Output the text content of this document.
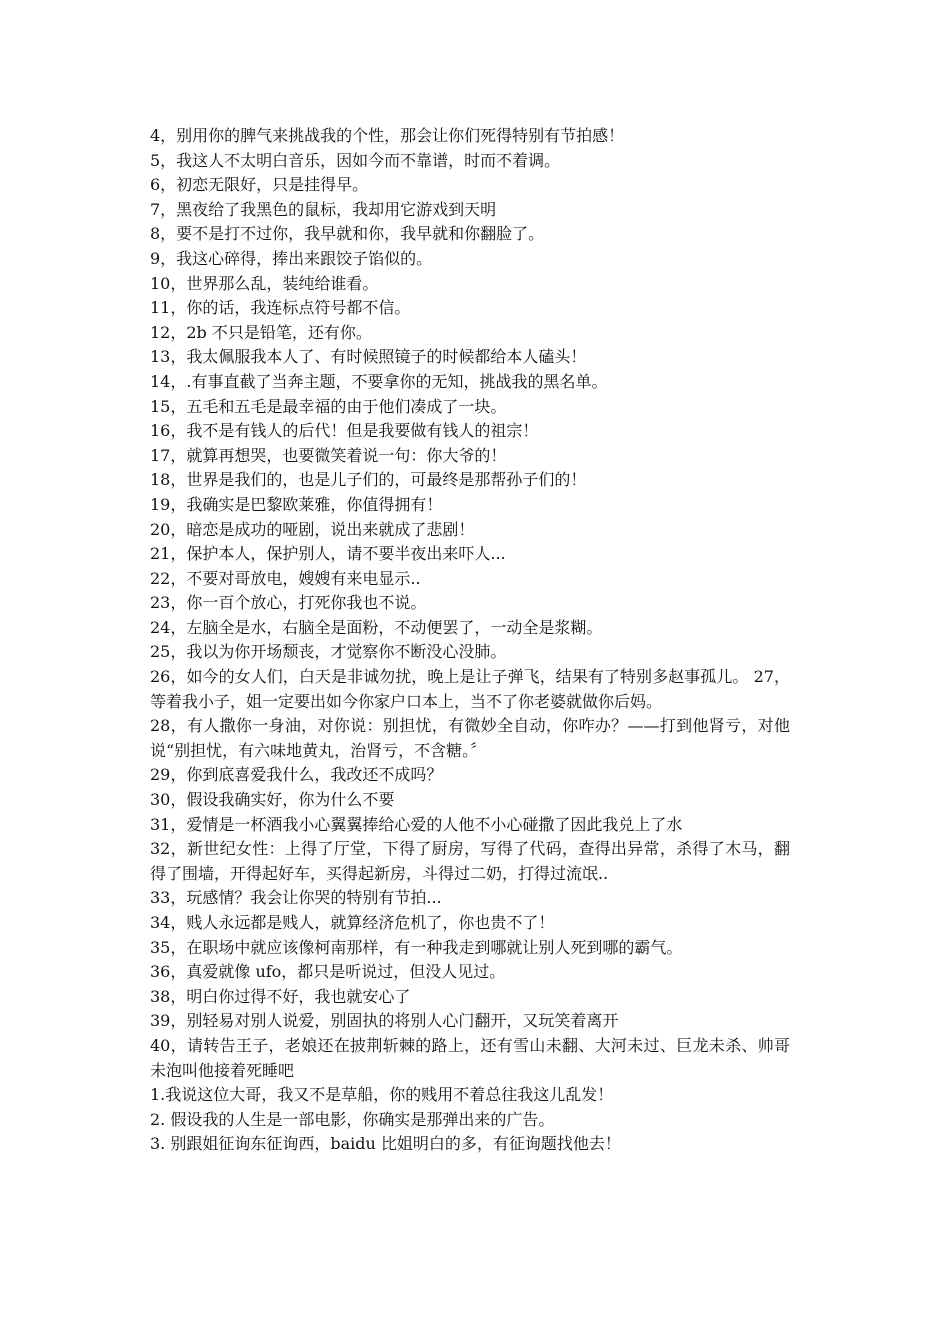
4，别用你的脾气来挑战我的个性，那会让你们死得特别有节拍感！

5，我这人不太明白音乐，因如今而不靠谱，时而不着调。

6，初恋无限好，只是挂得早。

7，黑夜给了我黑色的鼠标，我却用它游戏到天明

8，要不是打不过你，我早就和你，我早就和你翻脸了。

9，我这心碎得，捧出来跟饺子馅似的。

10，世界那么乱，装纯给谁看。

11，你的话，我连标点符号都不信。

12，2b 不只是铅笔，还有你。

13，我太佩服我本人了、有时候照镜子的时候都给本人磕头！

14，.有事直截了当奔主题，不要拿你的无知，挑战我的黑名单。

15，五毛和五毛是最幸福的由于他们凑成了一块。

16，我不是有钱人的后代！但是我要做有钱人的祖宗！

17，就算再想哭，也要微笑着说一句：你大爷的！

18，世界是我们的，也是儿子们的，可最终是那帮孙子们的！

19，我确实是巴黎欧莱雅，你值得拥有！

20，暗恋是成功的哑剧，说出来就成了悲剧！

21，保护本人，保护别人，请不要半夜出来吓人...

22，不要对哥放电，嫂嫂有来电显示..

23，你一百个放心，打死你我也不说。

24，左脑全是水，右脑全是面粉，不动便罢了，一动全是浆糊。

25，我以为你开场颓丧，才觉察你不断没心没肺。

26，如今的女人们，白天是非诚勿扰，晚上是让子弹飞，结果有了特别多赵事孤儿。 27，等着我小子，姐一定要出如今你家户口本上，当不了你老婆就做你后妈。

28，有人撒你一身油，对你说：别担忧，有微妙全自动，你咋办？——打到他肾亏，对他说“别担忧，有六味地黄丸，治肾亏，不含糖。〞

29，你到底喜爱我什么，我改还不成吗？

30，假设我确实好，你为什么不要

31，爱情是一杯酒我小心翼翼捧给心爱的人他不小心碰撒了因此我兑上了水

32，新世纪女性：上得了厅堂，下得了厨房，写得了代码，查得出异常，杀得了木马，翻得了围墙，开得起好车，买得起新房，斗得过二奶，打得过流氓..

33，玩感情？我会让你哭的特别有节拍...

34，贱人永远都是贱人，就算经济危机了，你也贵不了！

35，在职场中就应该像柯南那样，有一种我走到哪就让别人死到哪的霸气。

36，真爱就像 ufo，都只是听说过，但没人见过。

38，明白你过得不好，我也就安心了

39，别轻易对别人说爱，别固执的将别人心门翻开，又玩笑着离开

40，请转告王子，老娘还在披荆斩棘的路上，还有雪山未翻、大河未过、巨龙未杀、帅哥未泡叫他接着死睡吧

1.我说这位大哥，我又不是草船，你的贱用不着总往我这儿乱发！

2. 假设我的人生是一部电影，你确实是那弹出来的广告。

3. 别跟姐征询东征询西，baidu 比姐明白的多，有征询题找他去！
